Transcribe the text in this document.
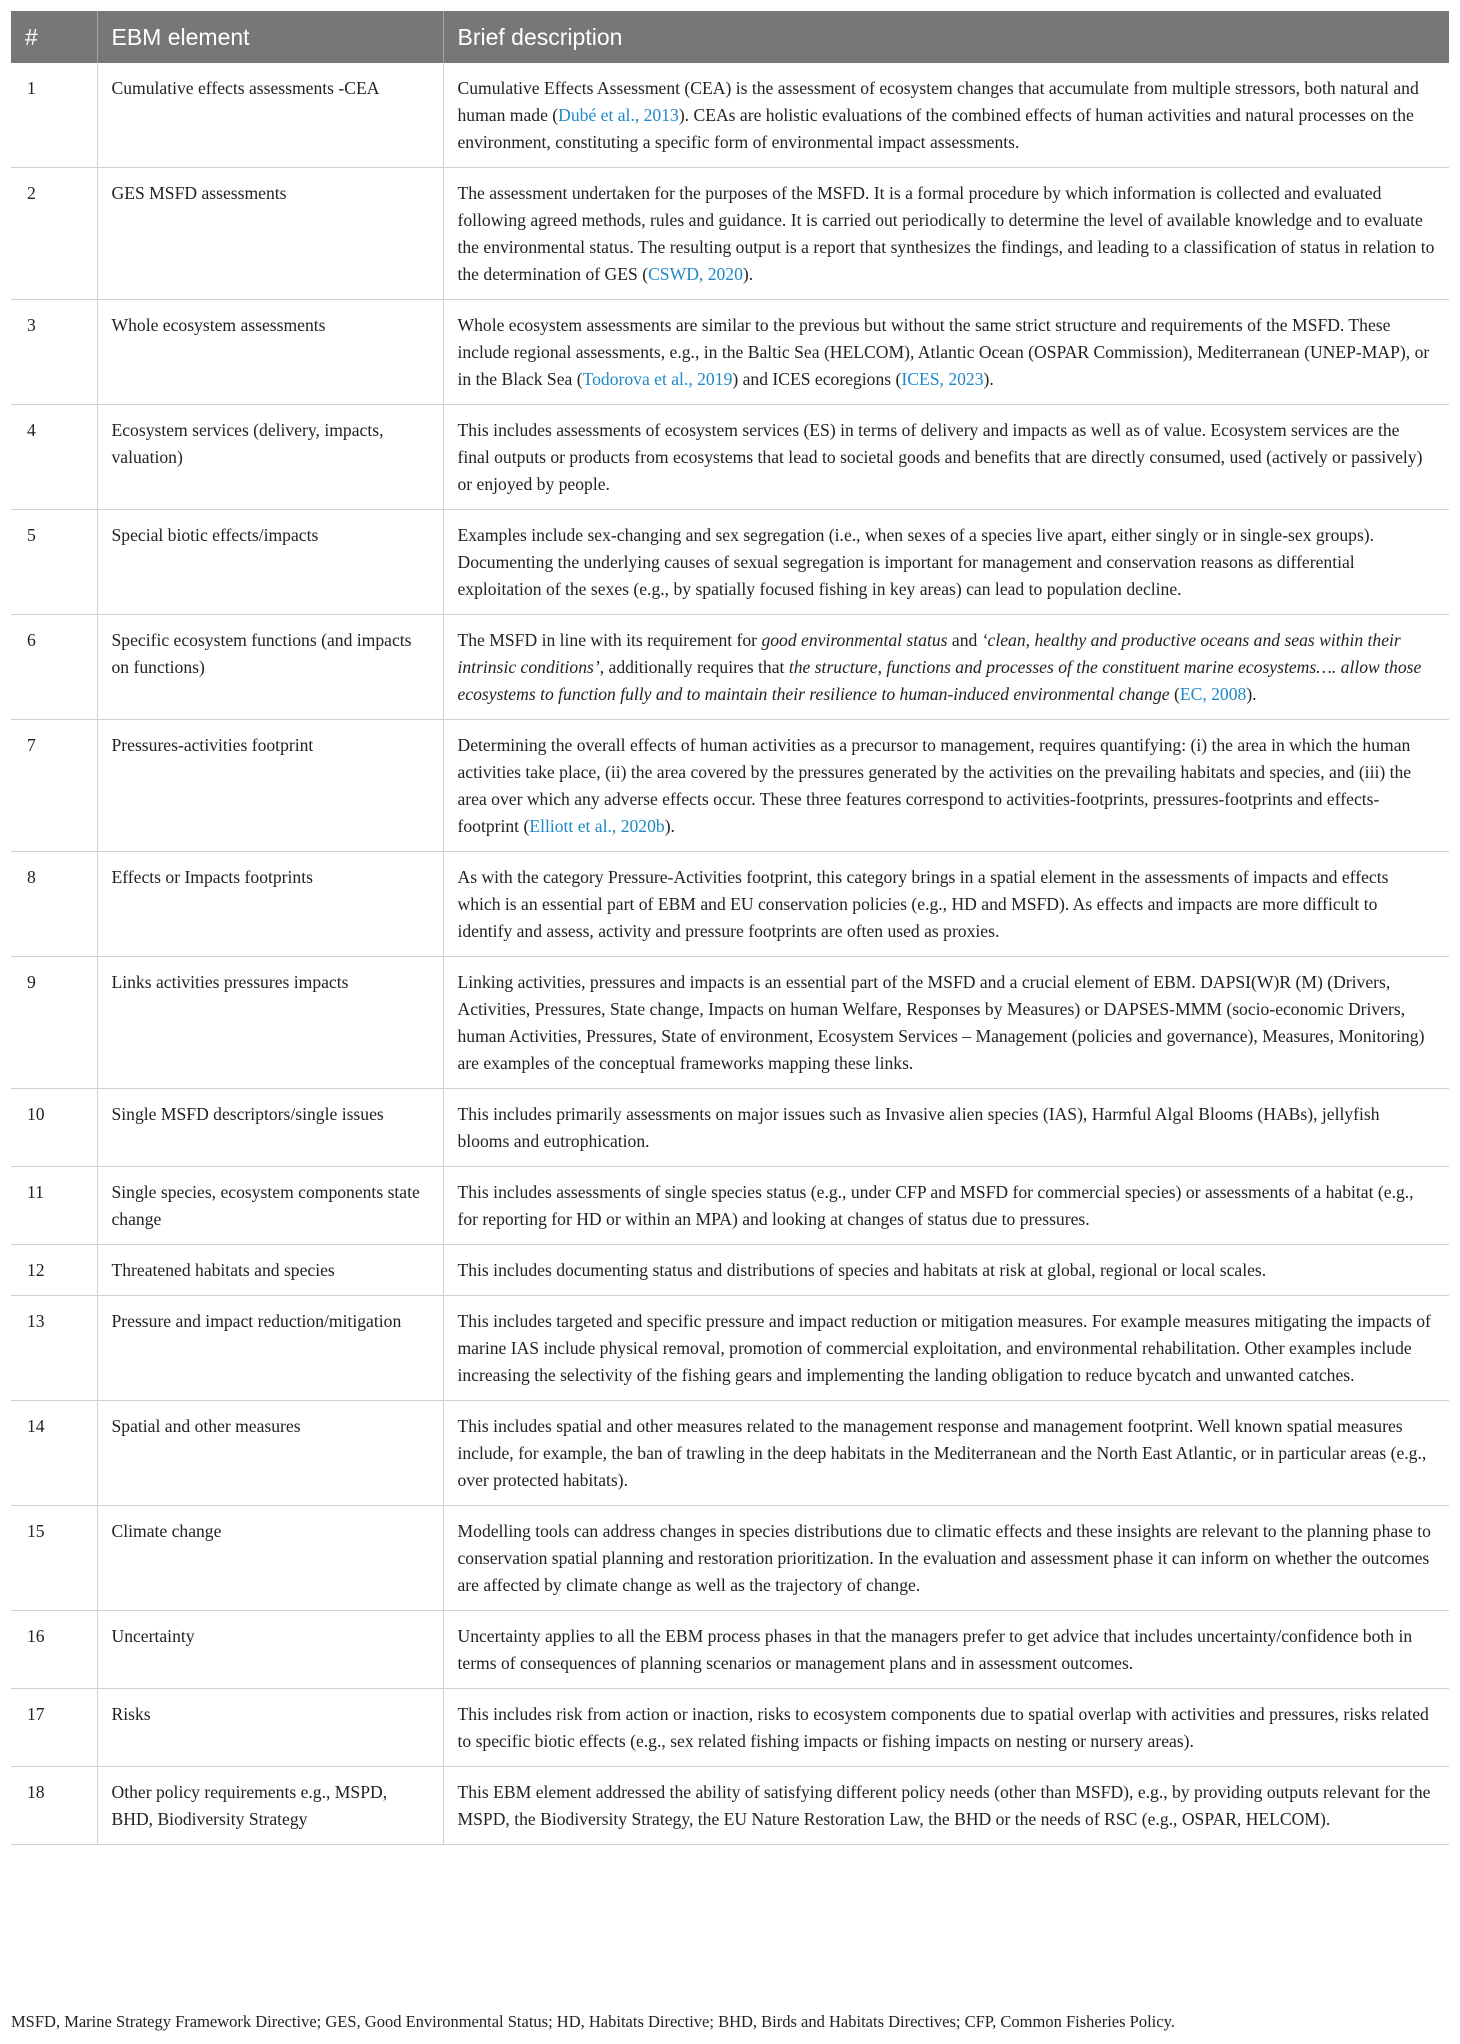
#	EBM element	Brief description
1	Cumulative effects assessments -CEA	Cumulative Effects Assessment (CEA) is the assessment of ecosystem changes that accumulate from multiple stressors, both natural and human made (Dubé et al., 2013). CEAs are holistic evaluations of the combined effects of human activities and natural processes on the environment, constituting a specific form of environmental impact assessments.
2	GES MSFD assessments	The assessment undertaken for the purposes of the MSFD. It is a formal procedure by which information is collected and evaluated following agreed methods, rules and guidance. It is carried out periodically to determine the level of available knowledge and to evaluate the environmental status. The resulting output is a report that synthesizes the findings, and leading to a classification of status in relation to the determination of GES (CSWD, 2020).
3	Whole ecosystem assessments	Whole ecosystem assessments are similar to the previous but without the same strict structure and requirements of the MSFD. These include regional assessments, e.g., in the Baltic Sea (HELCOM), Atlantic Ocean (OSPAR Commission), Mediterranean (UNEP-MAP), or in the Black Sea (Todorova et al., 2019) and ICES ecoregions (ICES, 2023).
4	Ecosystem services (delivery, impacts, valuation)	This includes assessments of ecosystem services (ES) in terms of delivery and impacts as well as of value. Ecosystem services are the final outputs or products from ecosystems that lead to societal goods and benefits that are directly consumed, used (actively or passively) or enjoyed by people.
5	Special biotic effects/impacts	Examples include sex-changing and sex segregation (i.e., when sexes of a species live apart, either singly or in single-sex groups). Documenting the underlying causes of sexual segregation is important for management and conservation reasons as differential exploitation of the sexes (e.g., by spatially focused fishing in key areas) can lead to population decline.
6	Specific ecosystem functions (and impacts on functions)	The MSFD in line with its requirement for good environmental status and ‘clean, healthy and productive oceans and seas within their intrinsic conditions’, additionally requires that the structure, functions and processes of the constituent marine ecosystems…. allow those ecosystems to function fully and to maintain their resilience to human-induced environmental change (EC, 2008).
7	Pressures-activities footprint	Determining the overall effects of human activities as a precursor to management, requires quantifying: (i) the area in which the human activities take place, (ii) the area covered by the pressures generated by the activities on the prevailing habitats and species, and (iii) the area over which any adverse effects occur. These three features correspond to activities-footprints, pressures-footprints and effects-footprint (Elliott et al., 2020b).
8	Effects or Impacts footprints	As with the category Pressure-Activities footprint, this category brings in a spatial element in the assessments of impacts and effects which is an essential part of EBM and EU conservation policies (e.g., HD and MSFD). As effects and impacts are more difficult to identify and assess, activity and pressure footprints are often used as proxies.
9	Links activities pressures impacts	Linking activities, pressures and impacts is an essential part of the MSFD and a crucial element of EBM. DAPSI(W)R (M) (Drivers, Activities, Pressures, State change, Impacts on human Welfare, Responses by Measures) or DAPSES-MMM (socio-economic Drivers, human Activities, Pressures, State of environment, Ecosystem Services – Management (policies and governance), Measures, Monitoring) are examples of the conceptual frameworks mapping these links.
10	Single MSFD descriptors/single issues	This includes primarily assessments on major issues such as Invasive alien species (IAS), Harmful Algal Blooms (HABs), jellyfish blooms and eutrophication.
11	Single species, ecosystem components state change	This includes assessments of single species status (e.g., under CFP and MSFD for commercial species) or assessments of a habitat (e.g., for reporting for HD or within an MPA) and looking at changes of status due to pressures.
12	Threatened habitats and species	This includes documenting status and distributions of species and habitats at risk at global, regional or local scales.
13	Pressure and impact reduction/mitigation	This includes targeted and specific pressure and impact reduction or mitigation measures. For example measures mitigating the impacts of marine IAS include physical removal, promotion of commercial exploitation, and environmental rehabilitation. Other examples include increasing the selectivity of the fishing gears and implementing the landing obligation to reduce bycatch and unwanted catches.
14	Spatial and other measures	This includes spatial and other measures related to the management response and management footprint. Well known spatial measures include, for example, the ban of trawling in the deep habitats in the Mediterranean and the North East Atlantic, or in particular areas (e.g., over protected habitats).
15	Climate change	Modelling tools can address changes in species distributions due to climatic effects and these insights are relevant to the planning phase to conservation spatial planning and restoration prioritization. In the evaluation and assessment phase it can inform on whether the outcomes are affected by climate change as well as the trajectory of change.
16	Uncertainty	Uncertainty applies to all the EBM process phases in that the managers prefer to get advice that includes uncertainty/confidence both in terms of consequences of planning scenarios or management plans and in assessment outcomes.
17	Risks	This includes risk from action or inaction, risks to ecosystem components due to spatial overlap with activities and pressures, risks related to specific biotic effects (e.g., sex related fishing impacts or fishing impacts on nesting or nursery areas).
18	Other policy requirements e.g., MSPD, BHD, Biodiversity Strategy	This EBM element addressed the ability of satisfying different policy needs (other than MSFD), e.g., by providing outputs relevant for the MSPD, the Biodiversity Strategy, the EU Nature Restoration Law, the BHD or the needs of RSC (e.g., OSPAR, HELCOM).
MSFD, Marine Strategy Framework Directive; GES, Good Environmental Status; HD, Habitats Directive; BHD, Birds and Habitats Directives; CFP, Common Fisheries Policy.
